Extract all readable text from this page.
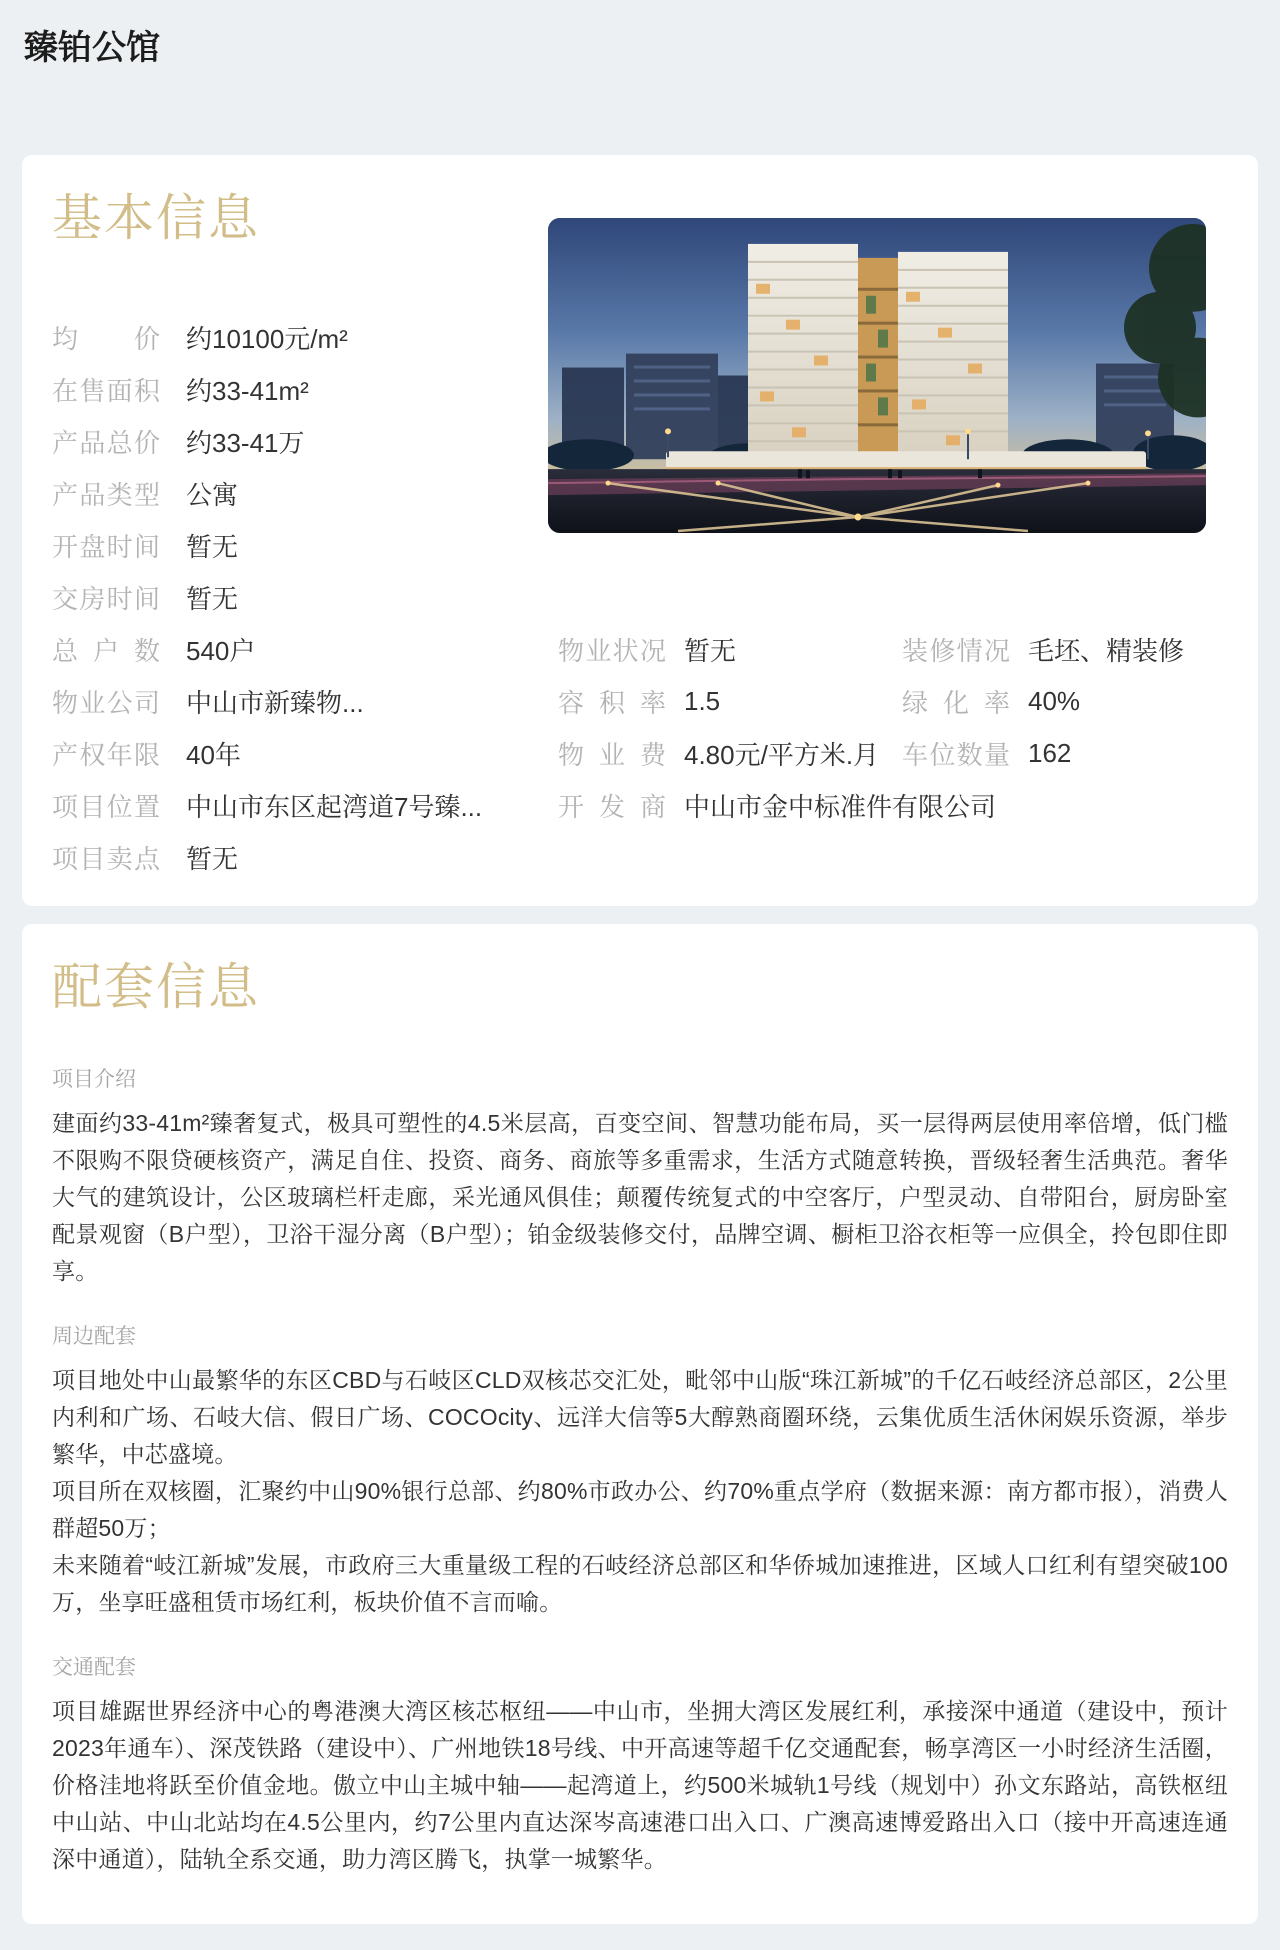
臻铂公馆
基本信息
均价 约10100元/m²
在售面积 约33-41m²
产品总价 约33-41万
产品类型 公寓
开盘时间 暂无
交房时间 暂无
总户数 540户
物业公司 中山市新臻物...
产权年限 40年
项目位置 中山市东区起湾道7号臻...
项目卖点 暂无
物业状况 暂无	装修情况 毛坯、精装修
容积率 1.5	绿化率 40%
物业费 4.80元/平方米.月 车位数量 162
开发商 中山市金中标准件有限公司
配套信息
项目介绍

建面约33-41m²臻奢复式，极具可塑性的4.5米层高，百变空间、智慧功能布局，买一层得两层使用率倍增，低门槛不限购不限贷硬核资产，满足自住、投资、商务、商旅等多重需求，生活方式随意转换，晋级轻奢生活典范。奢华大气的建筑设计，公区玻璃栏杆走廊，采光通风俱佳；颠覆传统复式的中空客厅，户型灵动、自带阳台，厨房卧室配景观窗（B户型），卫浴干湿分离（B户型）；铂金级装修交付，品牌空调、橱柜卫浴衣柜等一应俱全，拎包即住即享。

周边配套

项目地处中山最繁华的东区CBD与石岐区CLD双核芯交汇处，毗邻中山版“珠江新城”的千亿石岐经济总部区，2公里内利和广场、石岐大信、假日广场、COCOcity、远洋大信等5大醇熟商圈环绕，云集优质生活休闲娱乐资源，举步繁华，中芯盛境。

项目所在双核圈，汇聚约中山90%银行总部、约80%市政办公、约70%重点学府（数据来源：南方都市报），消费人群超50万；

未来随着“岐江新城”发展，市政府三大重量级工程的石岐经济总部区和华侨城加速推进，区域人口红利有望突破100万，坐享旺盛租赁市场红利，板块价值不言而喻。

交通配套

项目雄踞世界经济中心的粤港澳大湾区核芯枢纽——中山市，坐拥大湾区发展红利，承接深中通道（建设中，预计2023年通车）、深茂铁路（建设中）、广州地铁18号线、中开高速等超千亿交通配套，畅享湾区一小时经济生活圈，价格洼地将跃至价值金地。傲立中山主城中轴——起湾道上，约500米城轨1号线（规划中）孙文东路站，高铁枢纽中山站、中山北站均在4.5公里内，约7公里内直达深岑高速港口出入口、广澳高速博爱路出入口（接中开高速连通深中通道），陆轨全系交通，助力湾区腾飞，执掌一城繁华。
